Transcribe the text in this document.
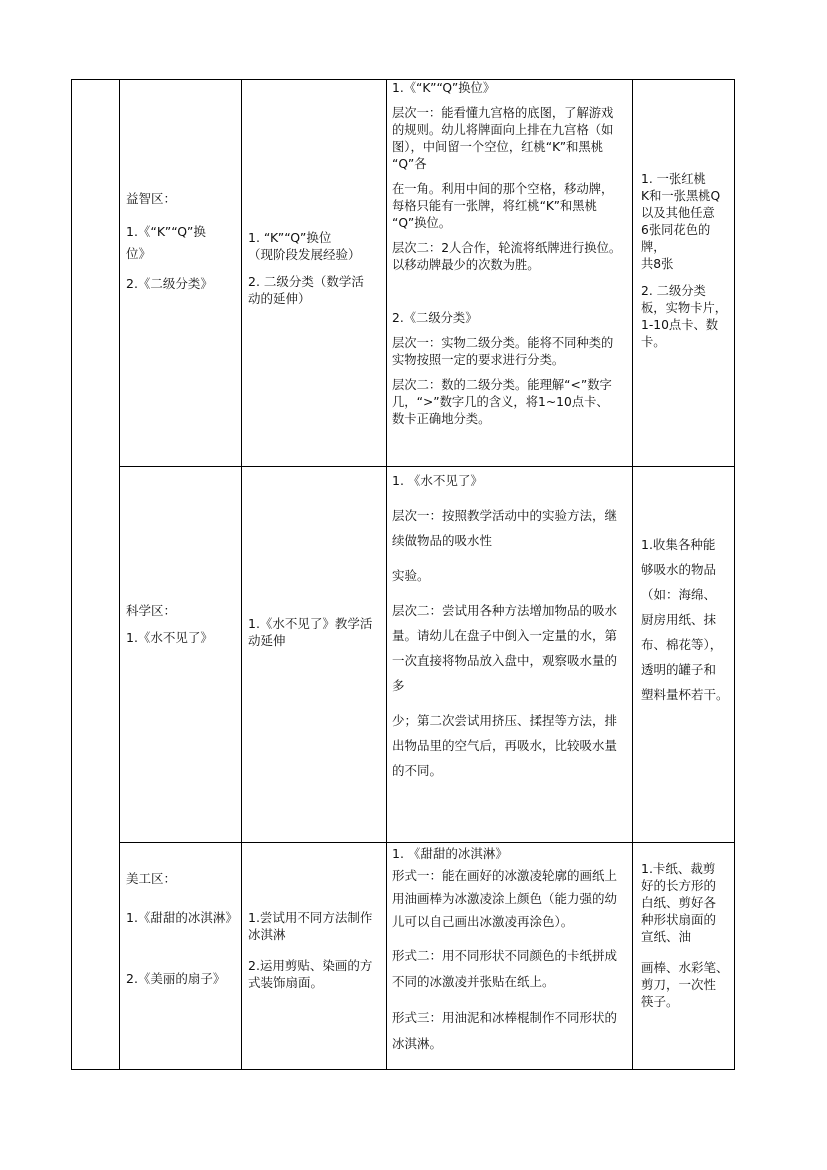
益智区：

1.《“K”“Q”换
位》

2.《二级分类》

1. “K”“Q”换位
（现阶段发展经验）

2. 二级分类（数学活
动的延伸）

1.《“K”“Q”换位》

层次一：能看懂九宫格的底图，了解游戏
的规则。幼儿将牌面向上排在九宫格（如
图），中间留一个空位，红桃“K”和黑桃
“Q”各

在一角。利用中间的那个空格，移动牌，
每格只能有一张牌，将红桃“K”和黑桃
“Q”换位。

层次二：2人合作，轮流将纸牌进行换位。
以移动牌最少的次数为胜。

2.《二级分类》

层次一：实物二级分类。能将不同种类的
实物按照一定的要求进行分类。

层次二：数的二级分类。能理解“<”数字
几，“>”数字几的含义，将1~10点卡、
数卡正确地分类。

1. 一张红桃
K和一张黑桃Q
以及其他任意
6张同花色的牌，
共8张

2. 二级分类
板，实物卡片，
1-10点卡、数
卡。

科学区：

1.《水不见了》

1.《水不见了》教学活
动延伸

1. 《水不见了》

层次一：按照教学活动中的实验方法，继
续做物品的吸水性

实验。

层次二：尝试用各种方法增加物品的吸水
量。请幼儿在盘子中倒入一定量的水，第
一次直接将物品放入盘中，观察吸水量的
多

少；第二次尝试用挤压、揉捏等方法，排
出物品里的空气后，再吸水，比较吸水量
的不同。

1.收集各种能
够吸水的物品
（如：海绵、
厨房用纸、抹
布、棉花等），
透明的罐子和
塑料量杯若干。

美工区：

1.《甜甜的冰淇淋》

2.《美丽的扇子》

1.尝试用不同方法制作
冰淇淋

2.运用剪贴、染画的方
式装饰扇面。

1. 《甜甜的冰淇淋》

形式一：能在画好的冰激凌轮廓的画纸上
用油画棒为冰激凌涂上颜色（能力强的幼
儿可以自己画出冰激凌再涂色）。

形式二：用不同形状不同颜色的卡纸拼成
不同的冰激凌并张贴在纸上。

形式三：用油泥和冰棒棍制作不同形状的
冰淇淋。

1.卡纸、裁剪
好的长方形的
白纸、剪好各
种形状扇面的
宣纸、油

画棒、水彩笔、
剪刀，一次性
筷子。
